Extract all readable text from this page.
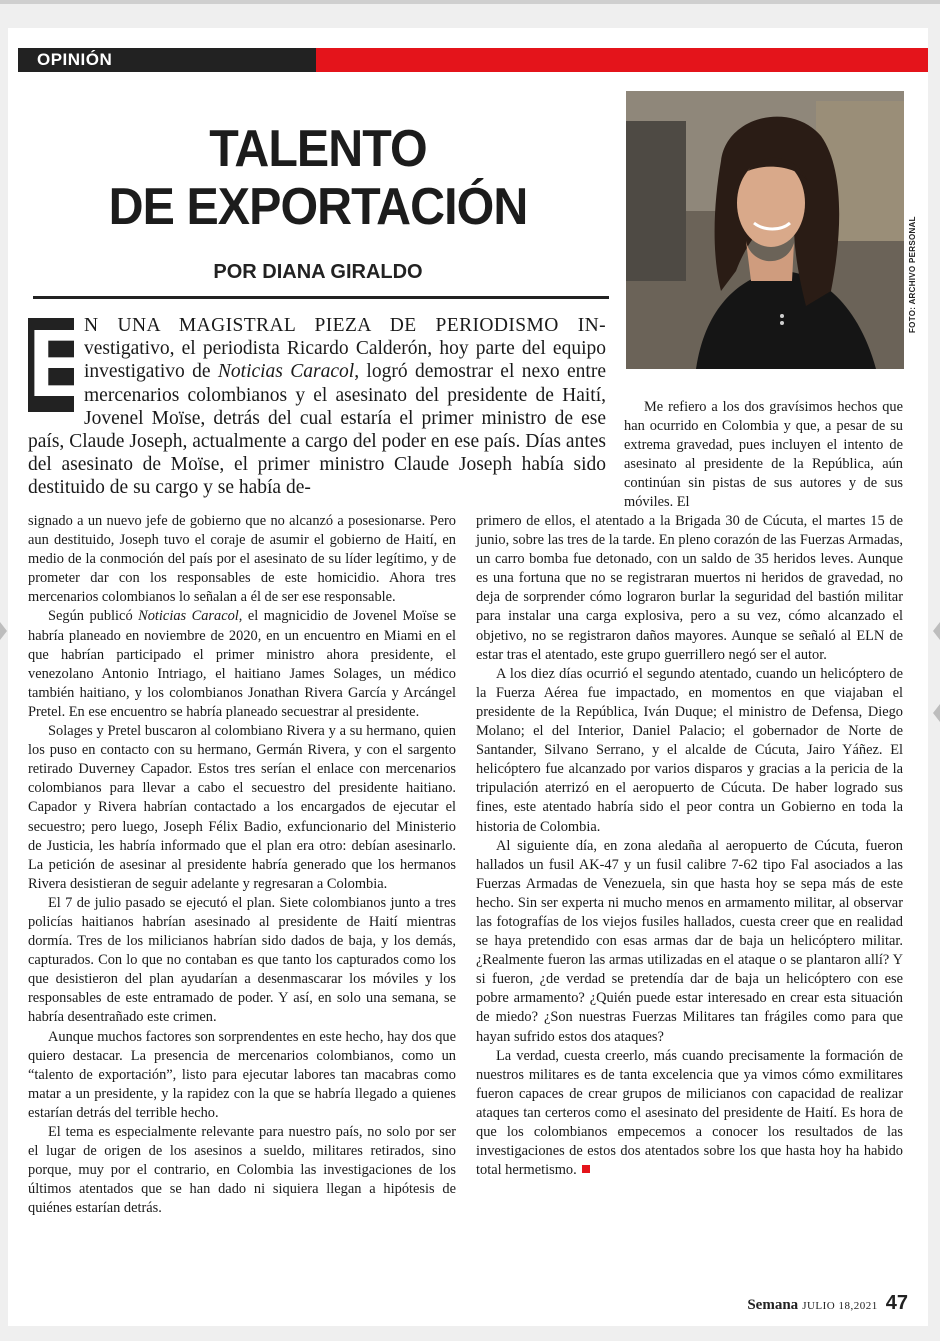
OPINIÓN
TALENTO
DE EXPORTACIÓN
POR DIANA GIRALDO	FOTO: ARCHIVO PERSONAL
E
N UNA MAGISTRAL PIEZA DE PERIODISMO IN- vestigativo, el periodista Ricardo Calderón, hoy parte del equipo investigativo de Noticias Caracol, logró demostrar el nexo entre mercenarios colombianos y el asesinato del presidente de Haití, Jovenel Moïse, detrás del cual estaría el primer ministro de ese país, Claude Joseph, actualmente a cargo del poder en ese país. Días antes del asesinato de Moïse, el primer ministro Claude Joseph había sido destituido de su cargo y se había de-

Me refiero a los dos gravísimos hechos que han ocurrido en Colombia y que, a pesar de su extrema gravedad, pues incluyen el intento de asesinato al presidente de la República, aún continúan sin pistas de sus autores y de sus móviles. El

signado a un nuevo jefe de gobierno que no alcanzó a posesionarse. Pero aun destituido, Joseph tuvo el coraje de asumir el gobierno de Haití, en medio de la conmoción del país por el asesinato de su líder legítimo, y de prometer dar con los responsables de este homicidio. Ahora tres mercenarios colombianos lo señalan a él de ser ese responsable.

Según publicó Noticias Caracol, el magnicidio de Jovenel Moïse se habría planeado en noviembre de 2020, en un encuentro en Miami en el que habrían participado el primer ministro ahora presidente, el venezolano Antonio Intriago, el haitiano James Solages, un médico también haitiano, y los colombianos Jonathan Rivera García y Arcángel Pretel. En ese encuentro se habría planeado secuestrar al presidente.

Solages y Pretel buscaron al colombiano Rivera y a su hermano, quien los puso en contacto con su hermano, Germán Rivera, y con el sargento retirado Duverney Capador. Estos tres serían el enlace con mercenarios colombianos para llevar a cabo el secuestro del presidente haitiano. Capador y Rivera habrían contactado a los encargados de ejecutar el secuestro; pero luego, Joseph Félix Badio, exfuncionario del Ministerio de Justicia, les habría informado que el plan era otro: debían asesinarlo. La petición de asesinar al presidente habría generado que los hermanos Rivera desistieran de seguir adelante y regresaran a Colombia.

El 7 de julio pasado se ejecutó el plan. Siete colombianos junto a tres policías haitianos habrían asesinado al presidente de Haití mientras dormía. Tres de los milicianos habrían sido dados de baja, y los demás, capturados. Con lo que no contaban es que tanto los capturados como los que desistieron del plan ayudarían a desenmascarar los móviles y los responsables de este entramado de poder. Y así, en solo una semana, se habría desentrañado este crimen.

Aunque muchos factores son sorprendentes en este hecho, hay dos que quiero destacar. La presencia de mercenarios colombianos, como un “talento de exportación”, listo para ejecutar labores tan macabras como matar a un presidente, y la rapidez con la que se habría llegado a quienes estarían detrás del terrible hecho.

El tema es especialmente relevante para nuestro país, no solo por ser el lugar de origen de los asesinos a sueldo, militares retirados, sino porque, muy por el contrario, en Colombia las investigaciones de los últimos atentados que se han dado ni siquiera llegan a hipótesis de quiénes estarían detrás.

primero de ellos, el atentado a la Brigada 30 de Cúcuta, el martes 15 de junio, sobre las tres de la tarde. En pleno corazón de las Fuerzas Armadas, un carro bomba fue detonado, con un saldo de 35 heridos leves. Aunque es una fortuna que no se registraran muertos ni heridos de gravedad, no deja de sorprender cómo lograron burlar la seguridad del bastión militar para instalar una carga explosiva, pero a su vez, cómo alcanzado el objetivo, no se registraron daños mayores. Aunque se señaló al ELN de estar tras el atentado, este grupo guerrillero negó ser el autor.

A los diez días ocurrió el segundo atentado, cuando un helicóptero de la Fuerza Aérea fue impactado, en momentos en que viajaban el presidente de la República, Iván Duque; el ministro de Defensa, Diego Molano; el del Interior, Daniel Palacio; el gobernador de Norte de Santander, Silvano Serrano, y el alcalde de Cúcuta, Jairo Yáñez. El helicóptero fue alcanzado por varios disparos y gracias a la pericia de la tripulación aterrizó en el aeropuerto de Cúcuta. De haber logrado sus fines, este atentado habría sido el peor contra un Gobierno en toda la historia de Colombia.

Al siguiente día, en zona aledaña al aeropuerto de Cúcuta, fueron hallados un fusil AK-47 y un fusil calibre 7-62 tipo Fal asociados a las Fuerzas Armadas de Venezuela, sin que hasta hoy se sepa más de este hecho. Sin ser experta ni mucho menos en armamento militar, al observar las fotografías de los viejos fusiles hallados, cuesta creer que en realidad se haya pretendido con esas armas dar de baja un helicóptero militar. ¿Realmente fueron las armas utilizadas en el ataque o se plantaron allí? Y si fueron, ¿de verdad se pretendía dar de baja un helicóptero con ese pobre armamento? ¿Quién puede estar interesado en crear esta situación de miedo? ¿Son nuestras Fuerzas Militares tan frágiles como para que hayan sufrido estos dos ataques?

La verdad, cuesta creerlo, más cuando precisamente la formación de nuestros militares es de tanta excelencia que ya vimos cómo exmilitares fueron capaces de crear grupos de milicianos con capacidad de realizar ataques tan certeros como el asesinato del presidente de Haití. Es hora de que los colombianos empecemos a conocer los resultados de las investigaciones de estos dos atentados sobre los que hasta hoy ha habido total hermetismo.

Semana JULIO 18,2021 47
